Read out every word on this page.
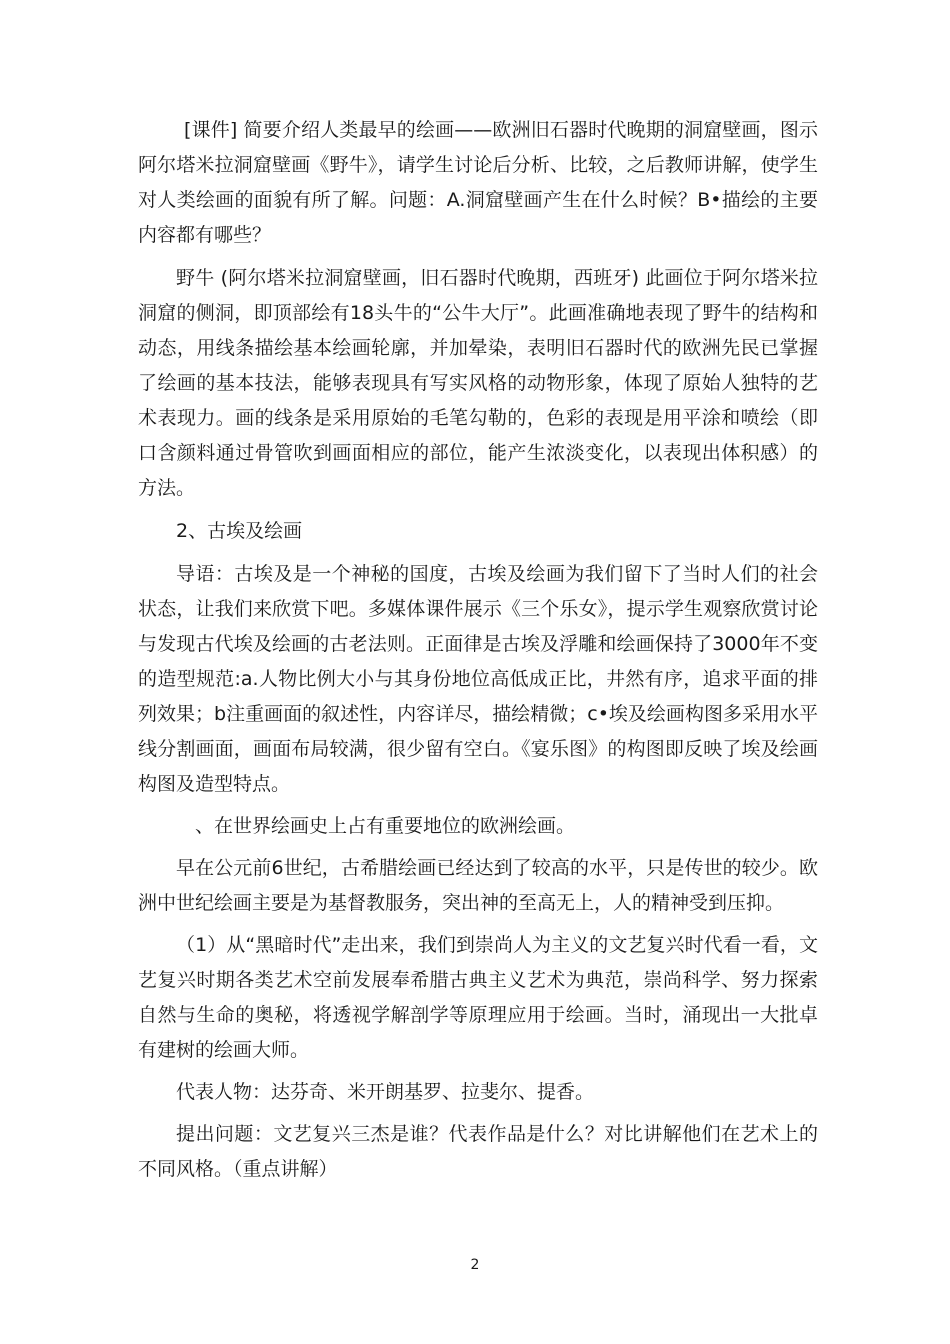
[课件] 简要介绍人类最早的绘画——欧洲旧石器时代晚期的洞窟壁画，图示阿尔塔米拉洞窟壁画《野牛》，请学生讨论后分析、比较，之后教师讲解，使学生对人类绘画的面貌有所了解。问题：A.洞窟壁画产生在什么时候？B•描绘的主要内容都有哪些？

野牛 (阿尔塔米拉洞窟壁画，旧石器时代晚期，西班牙) 此画位于阿尔塔米拉洞窟的侧洞，即顶部绘有18头牛的“公牛大厅”。此画准确地表现了野牛的结构和动态，用线条描绘基本绘画轮廓，并加晕染，表明旧石器时代的欧洲先民已掌握了绘画的基本技法，能够表现具有写实风格的动物形象，体现了原始人独特的艺术表现力。画的线条是采用原始的毛笔勾勒的，色彩的表现是用平涂和喷绘（即口含颜料通过骨管吹到画面相应的部位，能产生浓淡变化，以表现出体积感）的方法。

2、古埃及绘画

导语：古埃及是一个神秘的国度，古埃及绘画为我们留下了当时人们的社会状态，让我们来欣赏下吧。多媒体课件展示《三个乐女》，提示学生观察欣赏讨论与发现古代埃及绘画的古老法则。正面律是古埃及浮雕和绘画保持了3000年不变的造型规范:a.人物比例大小与其身份地位高低成正比，井然有序，追求平面的排列效果；b注重画面的叙述性，内容详尽，描绘精微；c•埃及绘画构图多采用水平线分割画面，画面布局较满，很少留有空白。《宴乐图》的构图即反映了埃及绘画构图及造型特点。

、在世界绘画史上占有重要地位的欧洲绘画。

早在公元前6世纪，古希腊绘画已经达到了较高的水平，只是传世的较少。欧洲中世纪绘画主要是为基督教服务，突出神的至高无上，人的精神受到压抑。

（1）从“黑暗时代”走出来，我们到崇尚人为主义的文艺复兴时代看一看，文艺复兴时期各类艺术空前发展奉希腊古典主义艺术为典范，崇尚科学、努力探索自然与生命的奥秘，将透视学解剖学等原理应用于绘画。当时，涌现出一大批卓有建树的绘画大师。

代表人物：达芬奇、米开朗基罗、拉斐尔、提香。

提出问题：文艺复兴三杰是谁？代表作品是什么？对比讲解他们在艺术上的不同风格。（重点讲解）

2
